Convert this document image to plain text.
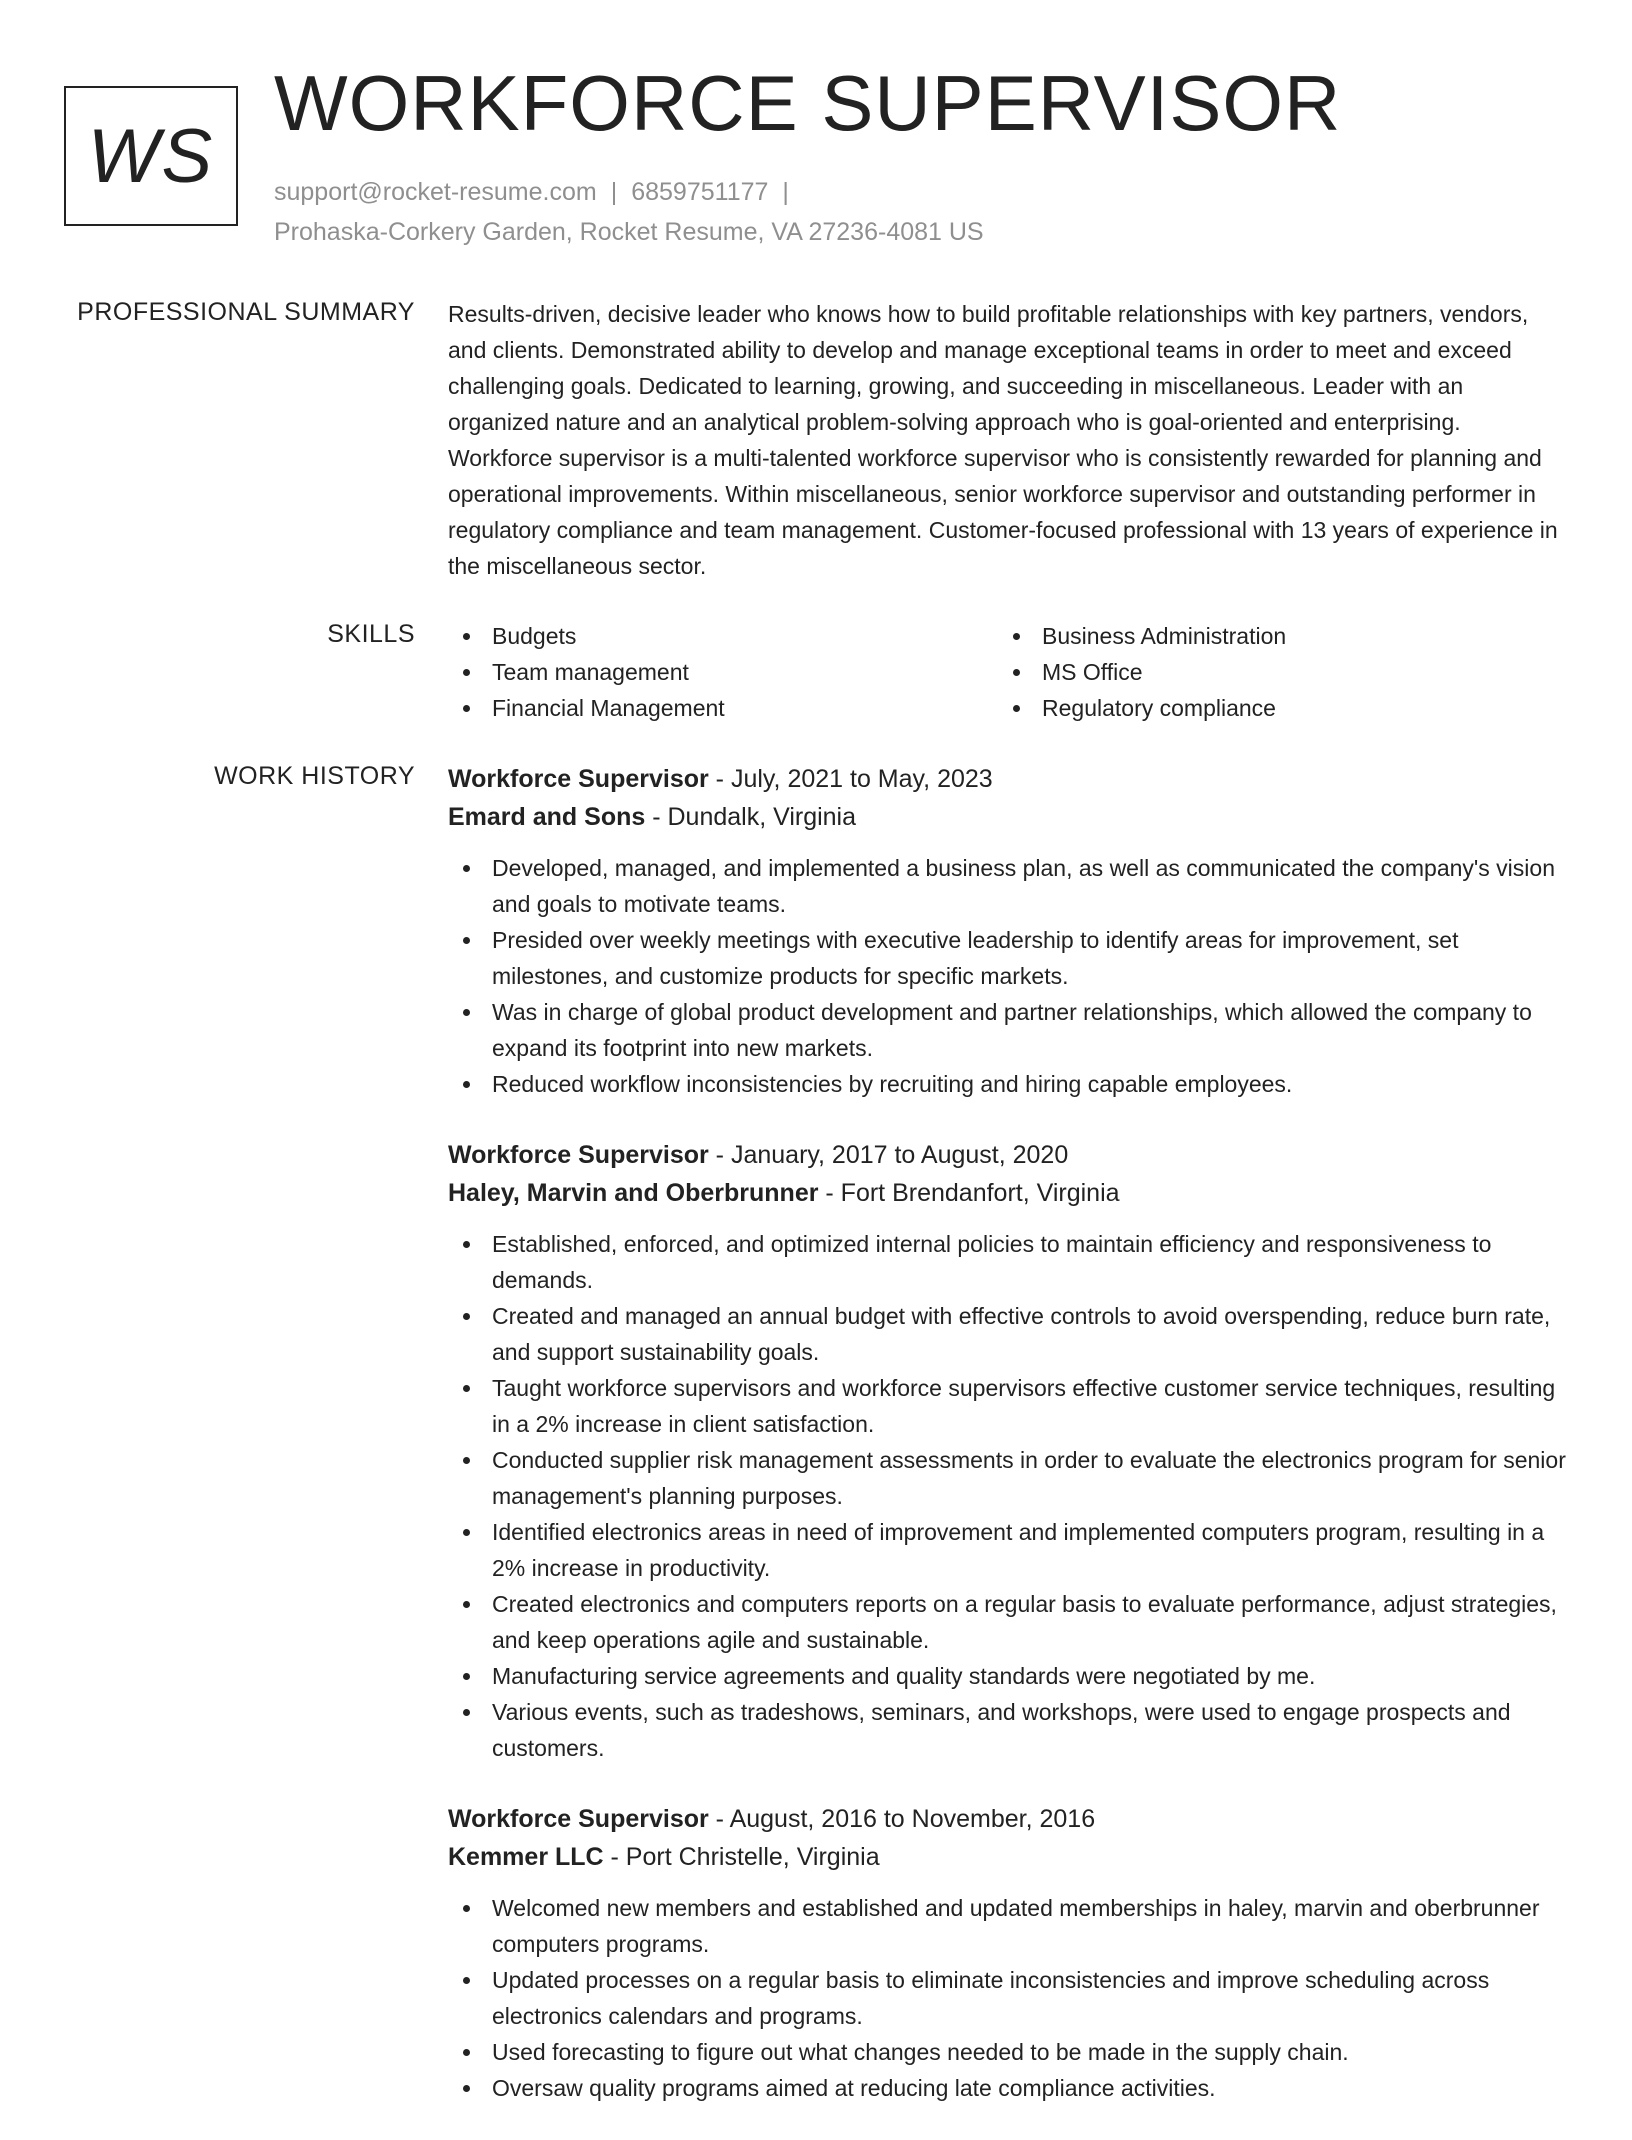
WS
WORKFORCE SUPERVISOR
support@rocket-resume.com | 6859751177 |
Prohaska-Corkery Garden, Rocket Resume, VA 27236-4081 US
PROFESSIONAL SUMMARY Results-driven, decisive leader who knows how to build profitable relationships with key partners, vendors, and clients. Demonstrated ability to develop and manage exceptional teams in order to meet and exceed challenging goals. Dedicated to learning, growing, and succeeding in miscellaneous. Leader with an organized nature and an analytical problem-solving approach who is goal-oriented and enterprising. Workforce supervisor is a multi-talented workforce supervisor who is consistently rewarded for planning and operational improvements. Within miscellaneous, senior workforce supervisor and outstanding performer in regulatory compliance and team management. Customer-focused professional with 13 years of experience in the miscellaneous sector.

SKILLS	Budgets
Team management
Financial Management
Business Administration
MS Office
Regulatory compliance
WORK HISTORY Workforce Supervisor - July, 2021 to May, 2023
Emard and Sons - Dundalk, Virginia
Developed, managed, and implemented a business plan, as well as communicated the company's vision and goals to motivate teams.
Presided over weekly meetings with executive leadership to identify areas for improvement, set milestones, and customize products for specific markets.
Was in charge of global product development and partner relationships, which allowed the company to expand its footprint into new markets.
Reduced workflow inconsistencies by recruiting and hiring capable employees.
Workforce Supervisor - January, 2017 to August, 2020
Haley, Marvin and Oberbrunner - Fort Brendanfort, Virginia
Established, enforced, and optimized internal policies to maintain efficiency and responsiveness to demands.
Created and managed an annual budget with effective controls to avoid overspending, reduce burn rate, and support sustainability goals.
Taught workforce supervisors and workforce supervisors effective customer service techniques, resulting in a 2% increase in client satisfaction.
Conducted supplier risk management assessments in order to evaluate the electronics program for senior management's planning purposes.
Identified electronics areas in need of improvement and implemented computers program, resulting in a 2% increase in productivity.
Created electronics and computers reports on a regular basis to evaluate performance, adjust strategies, and keep operations agile and sustainable.
Manufacturing service agreements and quality standards were negotiated by me.
Various events, such as tradeshows, seminars, and workshops, were used to engage prospects and customers.
Workforce Supervisor - August, 2016 to November, 2016
Kemmer LLC - Port Christelle, Virginia
Welcomed new members and established and updated memberships in haley, marvin and oberbrunner computers programs.
Updated processes on a regular basis to eliminate inconsistencies and improve scheduling across electronics calendars and programs.
Used forecasting to figure out what changes needed to be made in the supply chain.
Oversaw quality programs aimed at reducing late compliance activities.
